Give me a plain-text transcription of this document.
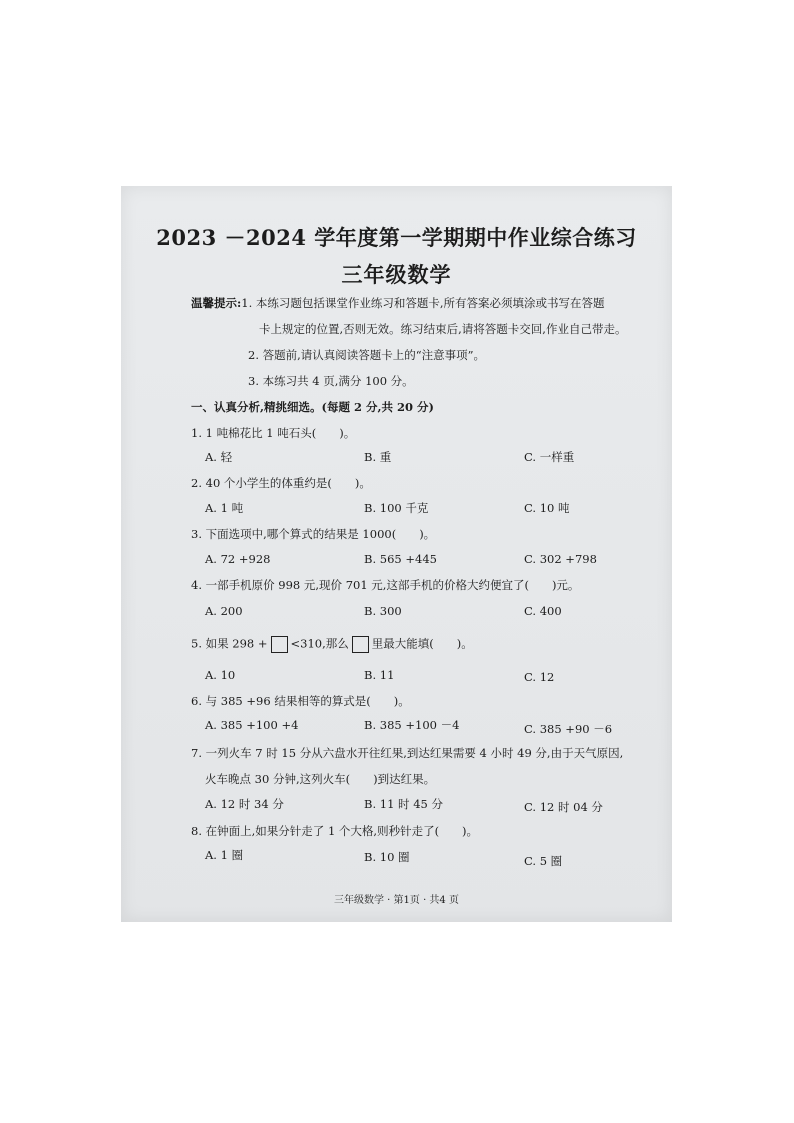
2023 －2024 学年度第一学期期中作业综合练习
三年级数学
温馨提示:1. 本练习题包括课堂作业练习和答题卡,所有答案必须填涂或书写在答题
卡上规定的位置,否则无效。练习结束后,请将答题卡交回,作业自己带走。
2. 答题前,请认真阅读答题卡上的“注意事项”。
3. 本练习共 4 页,满分 100 分。
一、认真分析,精挑细选。(每题 2 分,共 20 分)
1. 1 吨棉花比 1 吨石头(　　)。
A. 轻	B. 重	C. 一样重
2. 40 个小学生的体重约是(　　)。
A. 1 吨	B. 100 千克	C. 10 吨
3. 下面选项中,哪个算式的结果是 1000(　　)。
A. 72 +928	B. 565 +445	C. 302 +798
4. 一部手机原价 998 元,现价 701 元,这部手机的价格大约便宜了(　　)元。
A. 200	B. 300	C. 400
5. 如果 298 + <310,那么 里最大能填(　　)。
A. 10	B. 11	C. 12
6. 与 385 +96 结果相等的算式是(　　)。
A. 385 +100 +4	B. 385 +100 －4	C. 385 +90 －6
7. 一列火车 7 时 15 分从六盘水开往红果,到达红果需要 4 小时 49 分,由于天气原因,
火车晚点 30 分钟,这列火车(　　)到达红果。
A. 12 时 34 分	B. 11 时 45 分	C. 12 时 04 分
8. 在钟面上,如果分针走了 1 个大格,则秒针走了(　　)。
A. 1 圈	B. 10 圈	C. 5 圈
三年级数学 · 第1页 · 共4 页
